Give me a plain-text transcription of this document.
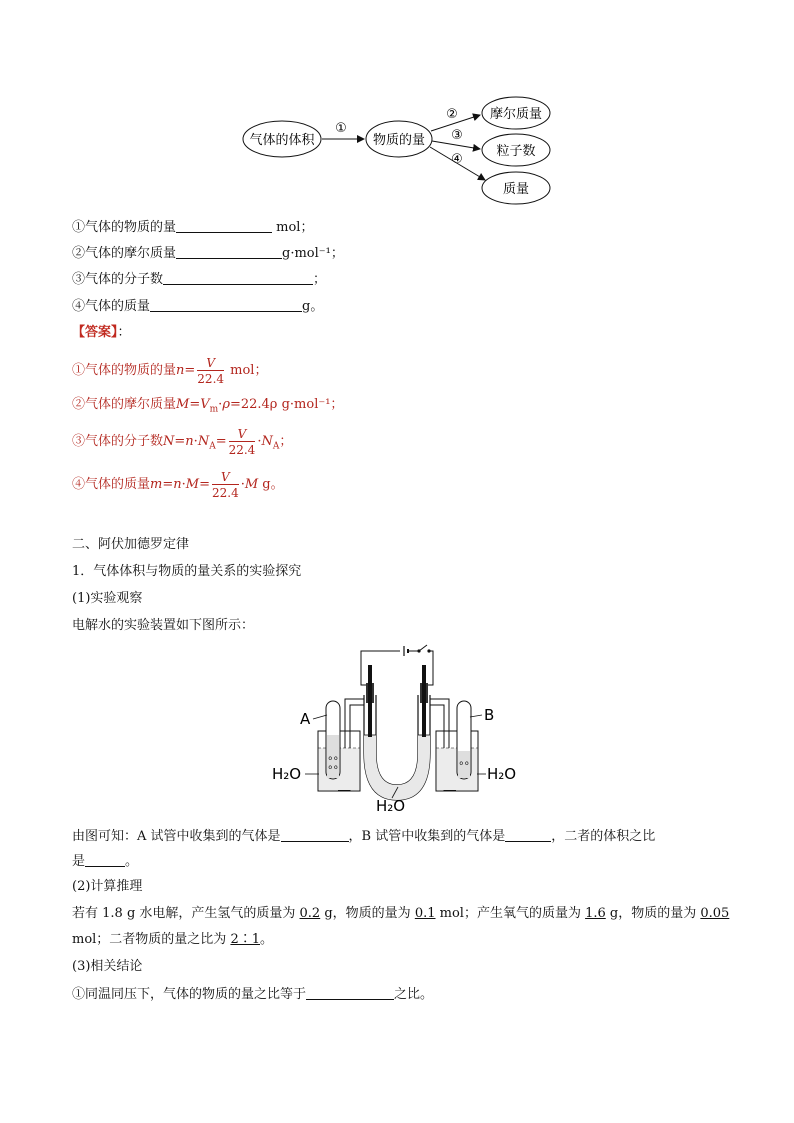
气体的体积	物质的量
摩尔质量
粒子数
质量
①
②
③
④
①气体的物质的量	mol；
②气体的摩尔质量	g·mol⁻¹；
③气体的分子数	；
④气体的质量	g。
【答案】：
①气体的物质的量$n= \frac{V}{22.4}$ mol；
②气体的摩尔质量$M=V_m\cdot\rho=22.4\rho$ g·mol⁻¹；
③气体的分子数$N=n\cdot N_A= \frac{V}{22.4} \cdot N_A$；
④气体的质量$m=n\cdot M= \frac{V}{22.4} \cdot M$ g。
二、阿伏加德罗定律
1．气体体积与物质的量关系的实验探究
(1)实验观察
电解水的实验装置如下图所示：
o o
o o
o o
A	B
H₂O	H₂O
H₂O
由图可知：A 试管中收集到的气体是	，B 试管中收集到的气体是	，二者的体积之比
是	。
(2)计算推理
若有 1.8 g 水电解，产生氢气的质量为 0.2 g，物质的量为 0.1 mol；产生氧气的质量为 1.6 g，物质的量为 0.05
mol；二者物质的量之比为 2∶1。
(3)相关结论
①同温同压下，气体的物质的量之比等于	之比。
